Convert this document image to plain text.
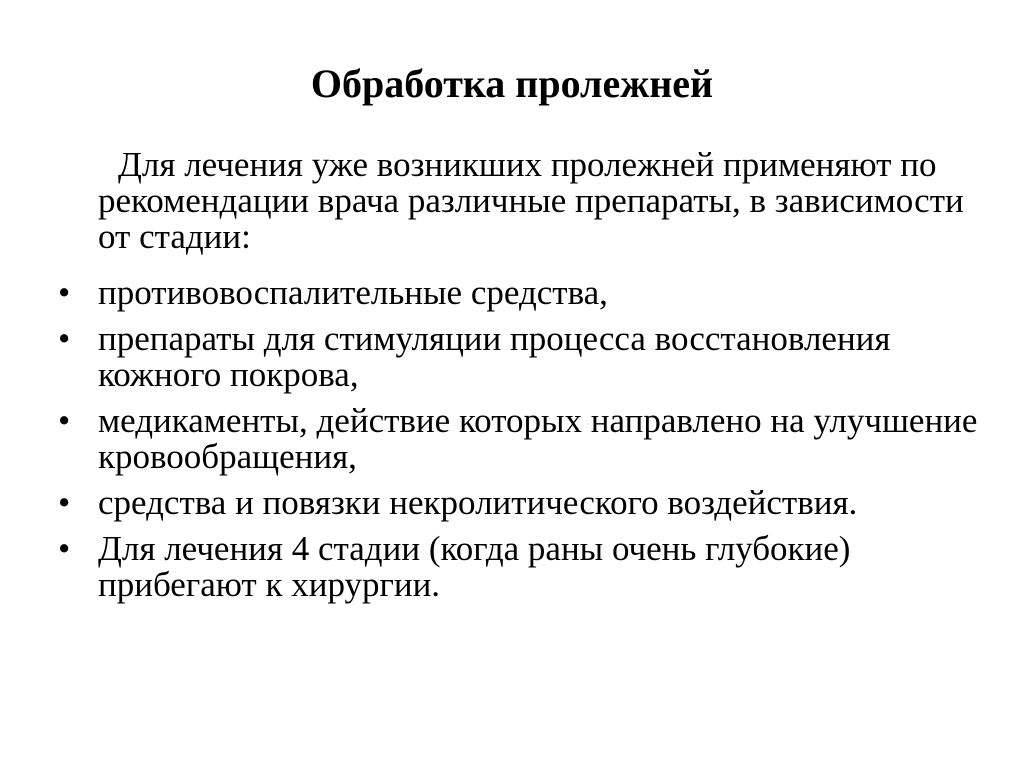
Обработка пролежней
Для лечения уже возникших пролежней применяют по рекомендации врача различные препараты, в зависимости от стадии:
• противовоспалительные средства,
• препараты для стимуляции процесса восстановления кожного покрова,
• медикаменты, действие которых направлено на улучшение кровообращения,
• средства и повязки некролитического воздействия.
• Для лечения 4 стадии (когда раны очень глубокие) прибегают к хирургии.
